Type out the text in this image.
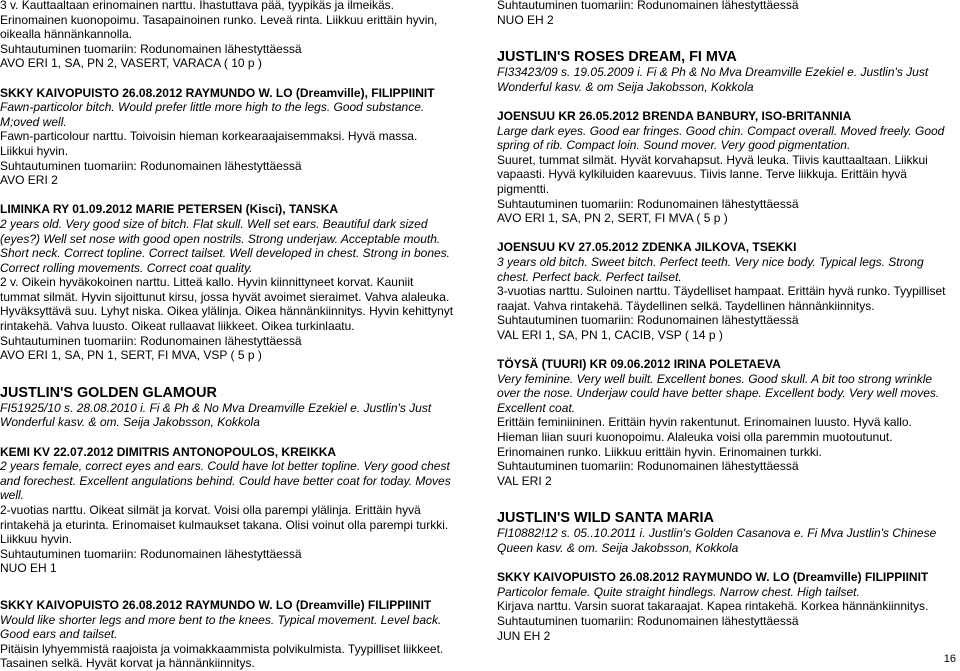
3 v. Kauttaaltaan erinomainen narttu. Ihastuttava pää, tyypikäs ja ilmeikäs.
Erinomainen kuonopoimu. Tasapainoinen runko. Leveä rinta. Liikkuu erittäin hyvin,
oikealla hännänkannolla.
Suhtautuminen tuomariin: Rodunomainen lähestyttäessä
AVO ERI 1, SA, PN 2, VASERT, VARACA ( 10 p )
SKKY KAIVOPUISTO 26.08.2012 RAYMUNDO W. LO (Dreamville), FILIPPIINIT
Fawn-particolor bitch. Would prefer little more high to the legs. Good substance.
M;oved well.
Fawn-particolour narttu. Toivoisin hieman korkearaajaisemmaksi. Hyvä massa.
Liikkui hyvin.
Suhtautuminen tuomariin: Rodunomainen lähestyttäessä
AVO ERI 2
LIMINKA RY 01.09.2012 MARIE PETERSEN (Kisci), TANSKA
2 years old. Very good size of bitch. Flat skull. Well set ears. Beautiful dark sized
(eyes?) Well set nose with good open nostrils. Strong underjaw. Acceptable mouth.
Short neck. Correct topline. Correct tailset. Well developed in chest. Strong in bones.
Correct rolling movements. Correct coat quality.
2 v. Oikein hyväkokoinen narttu. Litteä kallo. Hyvin kiinnittyneet korvat. Kauniit
tummat silmät. Hyvin sijoittunut kirsu, jossa hyvät avoimet sieraimet. Vahva alaleuka.
Hyväksyttävä suu. Lyhyt niska. Oikea ylälinja. Oikea hännänkiinnitys. Hyvin kehittynyt
rintakehä. Vahva luusto. Oikeat rullaavat liikkeet. Oikea turkinlaatu.
Suhtautuminen tuomariin: Rodunomainen lähestyttäessä
AVO ERI 1, SA, PN 1, SERT, FI MVA, VSP ( 5 p )
JUSTLIN'S GOLDEN GLAMOUR
FI51925/10 s. 28.08.2010 i. Fi & Ph & No Mva Dreamville Ezekiel e. Justlin's Just
Wonderful kasv. & om. Seija Jakobsson, Kokkola
KEMI KV 22.07.2012 DIMITRIS ANTONOPOULOS, KREIKKA
2 years female, correct eyes and ears. Could have lot better topline. Very good chest
and forechest. Excellent angulations behind. Could have better coat for today. Moves
well.
2-vuotias narttu. Oikeat silmät ja korvat. Voisi olla parempi ylälinja. Erittäin hyvä
rintakehä ja eturinta. Erinomaiset kulmaukset takana. Olisi voinut olla parempi turkki.
Liikkuu hyvin.
Suhtautuminen tuomariin: Rodunomainen lähestyttäessä
NUO EH 1
SKKY KAIVOPUISTO 26.08.2012 RAYMUNDO W. LO (Dreamville) FILIPPIINIT
Would like shorter legs and more bent to the knees. Typical movement. Level back.
Good ears and tailset.
Pitäisin lyhyemmistä raajoista ja voimakkaammista polvikulmista. Tyypilliset liikkeet.
Tasainen selkä. Hyvät korvat ja hännänkiinnitys.
Suhtautuminen tuomariin: Rodunomainen lähestyttäessä
NUO EH 2
JUSTLIN'S ROSES DREAM, FI MVA
FI33423/09 s. 19.05.2009 i. Fi & Ph & No Mva Dreamville Ezekiel e. Justlin's Just
Wonderful kasv. & om Seija Jakobsson, Kokkola
JOENSUU KR 26.05.2012 BRENDA BANBURY, ISO-BRITANNIA
Large dark eyes. Good ear fringes. Good chin. Compact overall. Moved freely. Good
spring of rib. Compact loin. Sound mover. Very good pigmentation.
Suuret, tummat silmät. Hyvät korvahapsut. Hyvä leuka. Tiivis kauttaaltaan. Liikkui
vapaasti. Hyvä kylkiluiden kaarevuus. Tiivis lanne. Terve liikkuja. Erittäin hyvä
pigmentti.
Suhtautuminen tuomariin: Rodunomainen lähestyttäessä
AVO ERI 1, SA, PN 2, SERT, FI MVA ( 5 p )
JOENSUU KV 27.05.2012 ZDENKA JILKOVA, TSEKKI
3 years old bitch. Sweet bitch. Perfect teeth. Very nice body. Typical legs. Strong
chest. Perfect back. Perfect tailset.
3-vuotias narttu. Suloinen narttu. Täydelliset hampaat. Erittäin hyvä runko. Tyypilliset
raajat. Vahva rintakehä. Täydellinen selkä. Taydellinen hännänkiinnitys.
Suhtautuminen tuomariin: Rodunomainen lähestyttäessä
VAL ERI 1, SA, PN 1, CACIB, VSP ( 14 p )
TÖYSÄ (TUURI) KR 09.06.2012 IRINA POLETAEVA
Very feminine. Very well built. Excellent bones. Good skull. A bit too strong wrinkle
over the nose. Underjaw could have better shape. Excellent body. Very well moves.
Excellent coat.
Erittäin feminiininen. Erittäin hyvin rakentunut. Erinomainen luusto. Hyvä kallo.
Hieman liian suuri kuonopoimu. Alaleuka voisi olla paremmin muotoutunut.
Erinomainen runko. Liikkuu erittäin hyvin. Erinomainen turkki.
Suhtautuminen tuomariin: Rodunomainen lähestyttäessä
VAL ERI 2
JUSTLIN'S WILD SANTA MARIA
FI10882!12 s. 05..10.2011 i. Justlin's Golden Casanova e. Fi Mva Justlin's Chinese
Queen kasv. & om. Seija Jakobsson, Kokkola
SKKY KAIVOPUISTO 26.08.2012 RAYMUNDO W. LO (Dreamville) FILIPPIINIT
Particolor female. Quite straight hindlegs. Narrow chest. High tailset.
Kirjava narttu. Varsin suorat takaraajat. Kapea rintakehä. Korkea hännänkiinnitys.
Suhtautuminen tuomariin: Rodunomainen lähestyttäessä
JUN EH 2
16
